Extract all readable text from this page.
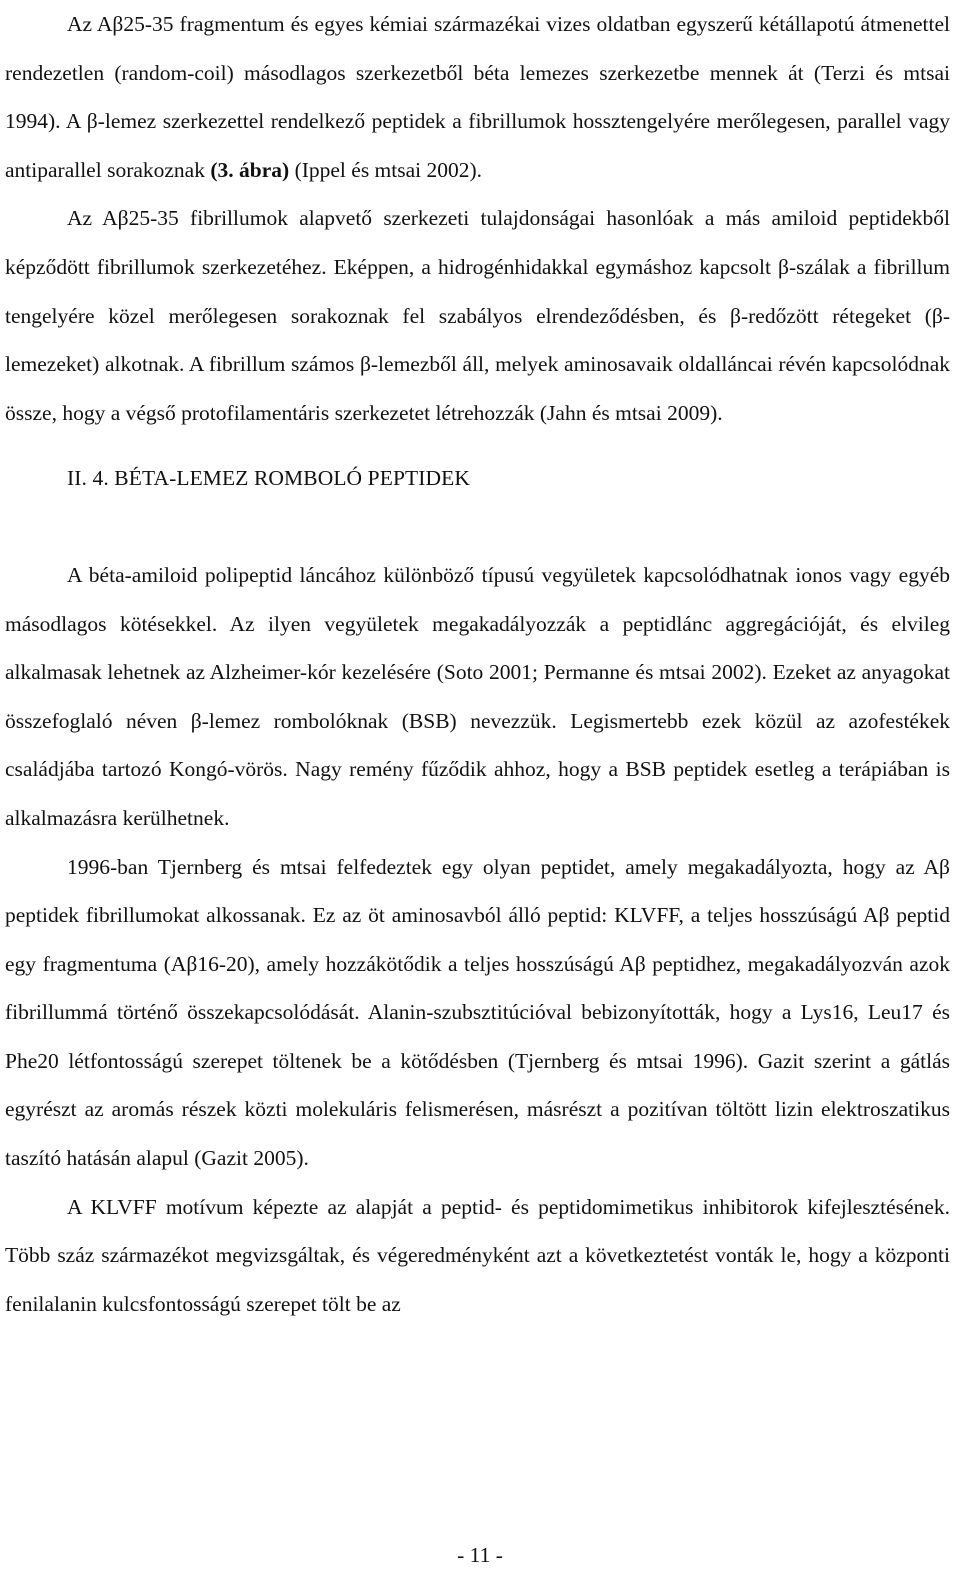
Az Aβ25-35 fragmentum és egyes kémiai származékai vizes oldatban egyszerű kétállapotú átmenettel rendezetlen (random-coil) másodlagos szerkezetből béta lemezes szerkezetbe mennek át (Terzi és mtsai 1994). A β-lemez szerkezettel rendelkező peptidek a fibrillumok hossztengelyére merőlegesen, parallel vagy antiparallel sorakoznak (3. ábra) (Ippel és mtsai 2002).

Az Aβ25-35 fibrillumok alapvető szerkezeti tulajdonságai hasonlóak a más amiloid peptidekből képződött fibrillumok szerkezetéhez. Eképpen, a hidrogénhidakkal egymáshoz kapcsolt β-szálak a fibrillum tengelyére közel merőlegesen sorakoznak fel szabályos elrendeződésben, és β-redőzött rétegeket (β-lemezeket) alkotnak. A fibrillum számos β-lemezből áll, melyek aminosavaik oldalláncai révén kapcsolódnak össze, hogy a végső protofilamentáris szerkezetet létrehozzák (Jahn és mtsai 2009).

II. 4. BÉTA-LEMEZ ROMBOLÓ PEPTIDEK

A béta-amiloid polipeptid láncához különböző típusú vegyületek kapcsolódhatnak ionos vagy egyéb másodlagos kötésekkel. Az ilyen vegyületek megakadályozzák a peptidlánc aggregációját, és elvileg alkalmasak lehetnek az Alzheimer-kór kezelésére (Soto 2001; Permanne és mtsai 2002). Ezeket az anyagokat összefoglaló néven β-lemez rombolóknak (BSB) nevezzük. Legismertebb ezek közül az azofestékek családjába tartozó Kongó-vörös. Nagy remény fűződik ahhoz, hogy a BSB peptidek esetleg a terápiában is alkalmazásra kerülhetnek.

1996-ban Tjernberg és mtsai felfedeztek egy olyan peptidet, amely megakadályozta, hogy az Aβ peptidek fibrillumokat alkossanak. Ez az öt aminosavból álló peptid: KLVFF, a teljes hosszúságú Aβ peptid egy fragmentuma (Aβ16-20), amely hozzákötődik a teljes hosszúságú Aβ peptidhez, megakadályozván azok fibrillummá történő összekapcsolódását. Alanin-szubsztitúcióval bebizonyították, hogy a Lys16, Leu17 és Phe20 létfontosságú szerepet töltenek be a kötődésben (Tjernberg és mtsai 1996). Gazit szerint a gátlás egyrészt az aromás részek közti molekuláris felismerésen, másrészt a pozitívan töltött lizin elektroszatikus taszító hatásán alapul (Gazit 2005).

A KLVFF motívum képezte az alapját a peptid- és peptidomimetikus inhibitorok kifejlesztésének. Több száz származékot megvizsgáltak, és végeredményként azt a következtetést vonták le, hogy a központi fenilalanin kulcsfontosságú szerepet tölt be az

- 11 -
